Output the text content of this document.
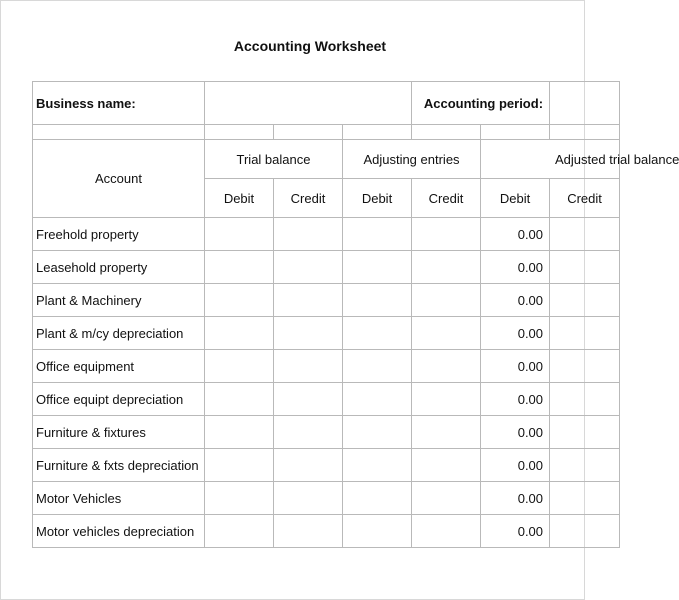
Accounting Worksheet
Business name:				Accounting period:		

Account	Trial balance		Adjusting entries		Adjusted trial balance	
	Debit	Credit	Debit	Credit	Debit	Credit
Freehold property					0.00	
Leasehold property					0.00	
Plant & Machinery					0.00	
Plant & m/cy depreciation					0.00	
Office equipment					0.00	
Office equipt depreciation					0.00	
Furniture & fixtures					0.00	
Furniture & fxts depreciation					0.00	
Motor Vehicles					0.00	
Motor vehicles depreciation					0.00	
